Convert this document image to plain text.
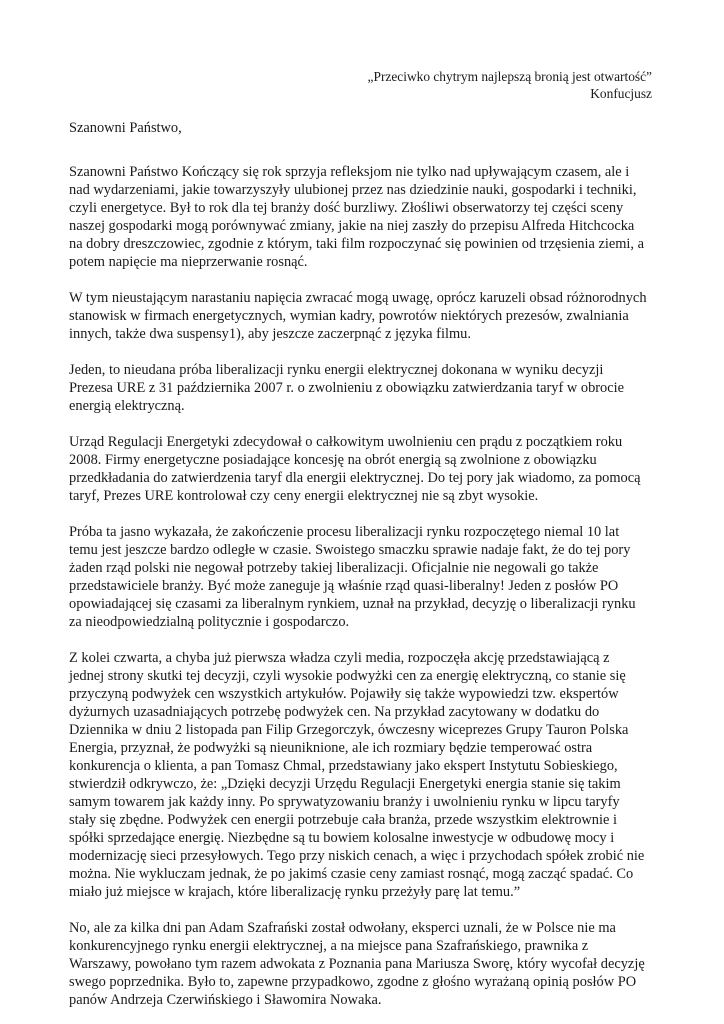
„Przeciwko chytrym najlepszą bronią jest otwartość”
Konfucjusz
Szanowni Państwo,

Szanowni Państwo Kończący się rok sprzyja refleksjom nie tylko nad upływającym czasem, ale i
nad wydarzeniami, jakie towarzyszyły ulubionej przez nas dziedzinie nauki, gospodarki i techniki,
czyli energetyce. Był to rok dla tej branży dość burzliwy. Złośliwi obserwatorzy tej części sceny
naszej gospodarki mogą porównywać zmiany, jakie na niej zaszły do przepisu Alfreda Hitchcocka
na dobry dreszczowiec, zgodnie z którym, taki film rozpoczynać się powinien od trzęsienia ziemi, a
potem napięcie ma nieprzerwanie rosnąć.

W tym nieustającym narastaniu napięcia zwracać mogą uwagę, oprócz karuzeli obsad różnorodnych
stanowisk w firmach energetycznych, wymian kadry, powrotów niektórych prezesów, zwalniania
innych, także dwa suspensy1), aby jeszcze zaczerpnąć z języka filmu.

Jeden, to nieudana próba liberalizacji rynku energii elektrycznej dokonana w wyniku decyzji
Prezesa URE z 31 października 2007 r. o zwolnieniu z obowiązku zatwierdzania taryf w obrocie
energią elektryczną.

Urząd Regulacji Energetyki zdecydował o całkowitym uwolnieniu cen prądu z początkiem roku
2008. Firmy energetyczne posiadające koncesję na obrót energią są zwolnione z obowiązku
przedkładania do zatwierdzenia taryf dla energii elektrycznej. Do tej pory jak wiadomo, za pomocą
taryf, Prezes URE kontrolował czy ceny energii elektrycznej nie są zbyt wysokie.

Próba ta jasno wykazała, że zakończenie procesu liberalizacji rynku rozpoczętego niemal 10 lat
temu jest jeszcze bardzo odległe w czasie. Swoistego smaczku sprawie nadaje fakt, że do tej pory
żaden rząd polski nie negował potrzeby takiej liberalizacji. Oficjalnie nie negowali go także
przedstawiciele branży. Być może zaneguje ją właśnie rząd quasi-liberalny! Jeden z posłów PO
opowiadającej się czasami za liberalnym rynkiem, uznał na przykład, decyzję o liberalizacji rynku
za nieodpowiedzialną politycznie i gospodarczo.

Z kolei czwarta, a chyba już pierwsza władza czyli media, rozpoczęła akcję przedstawiającą z
jednej strony skutki tej decyzji, czyli wysokie podwyżki cen za energię elektryczną, co stanie się
przyczyną podwyżek cen wszystkich artykułów. Pojawiły się także wypowiedzi tzw. ekspertów
dyżurnych uzasadniających potrzebę podwyżek cen. Na przykład zacytowany w dodatku do
Dziennika w dniu 2 listopada pan Filip Grzegorczyk, ówczesny wiceprezes Grupy Tauron Polska
Energia, przyznał, że podwyżki są nieuniknione, ale ich rozmiary będzie temperować ostra
konkurencja o klienta, a pan Tomasz Chmal, przedstawiany jako ekspert Instytutu Sobieskiego,
stwierdził odkrywczo, że: „Dzięki decyzji Urzędu Regulacji Energetyki energia stanie się takim
samym towarem jak każdy inny. Po sprywatyzowaniu branży i uwolnieniu rynku w lipcu taryfy
stały się zbędne. Podwyżek cen energii potrzebuje cała branża, przede wszystkim elektrownie i
spółki sprzedające energię. Niezbędne są tu bowiem kolosalne inwestycje w odbudowę mocy i
modernizację sieci przesyłowych. Tego przy niskich cenach, a więc i przychodach spółek zrobić nie
można. Nie wykluczam jednak, że po jakimś czasie ceny zamiast rosnąć, mogą zacząć spadać. Co
miało już miejsce w krajach, które liberalizację rynku przeżyły parę lat temu.”

No, ale za kilka dni pan Adam Szafrański został odwołany, eksperci uznali, że w Polsce nie ma
konkurencyjnego rynku energii elektrycznej, a na miejsce pana Szafrańskiego, prawnika z
Warszawy, powołano tym razem adwokata z Poznania pana Mariusza Sworę, który wycofał decyzję
swego poprzednika. Było to, zapewne przypadkowo, zgodne z głośno wyrażaną opinią posłów PO
panów Andrzeja Czerwińskiego i Sławomira Nowaka.
